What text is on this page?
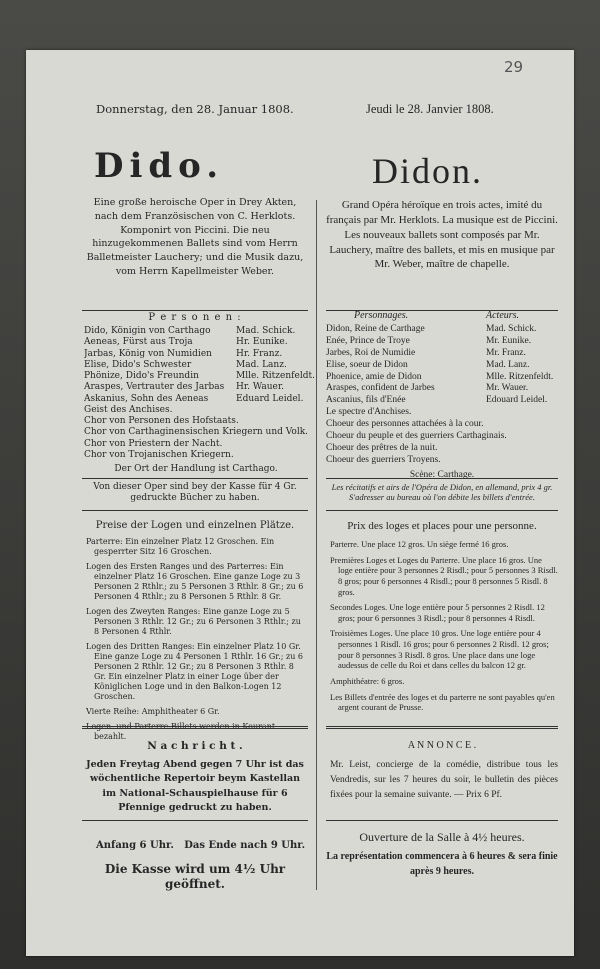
29
Donnerstag, den 28. Januar 1808.	Jeudi le 28. Janvier 1808.
Dido.	Didon.
Eine große heroische Oper in Drey Akten, nach dem Französischen von C. Herklots. Komponirt von Piccini. Die neu hinzugekommenen Ballets sind vom Herrn Balletmeister Lauchery; und die Musik dazu, vom Herrn Kapellmeister Weber.
Grand Opéra héroïque en trois actes, imité du français par Mr. Herklots. La musique est de Piccini. Les nouveaux ballets sont composés par Mr. Lauchery, maître des ballets, et mis en musique par Mr. Weber, maître de chapelle.
P e r s o n e n :
Dido, Königin von Carthago	Mad. Schick.
Aeneas, Fürst aus Troja	Hr. Eunike.
Jarbas, König von Numidien	Hr. Franz.
Elise, Dido's Schwester	Mad. Lanz.
Phönize, Dido's Freundin	Mlle. Ritzenfeldt.
Araspes, Vertrauter des Jarbas	Hr. Wauer.
Askanius, Sohn des Aeneas	Eduard Leidel.
Geist des Anchises.
Chor von Personen des Hofstaats.
Chor von Carthaginensischen Kriegern und Volk.
Chor von Priestern der Nacht.
Chor von Trojanischen Kriegern.
Der Ort der Handlung ist Carthago.
Personnages.	Acteurs.
Didon, Reine de Carthage	Mad. Schick.
Enée, Prince de Troye	Mr. Eunike.
Jarbes, Roi de Numidie	Mr. Franz.
Elise, soeur de Didon	Mad. Lanz.
Phoenice, amie de Didon	Mlle. Ritzenfeldt.
Araspes, confident de Jarbes	Mr. Wauer.
Ascanius, fils d'Enée	Edouard Leidel.
Le spectre d'Anchises.
Choeur des personnes attachées à la cour.
Choeur du peuple et des guerriers Carthaginais.
Choeur des prêtres de la nuit.
Choeur des guerriers Troyens.
Scène: Carthage.
Von dieser Oper sind bey der Kasse für 4 Gr. gedruckte Bücher zu haben.
Les récitatifs et airs de l'Opéra de Didon, en allemand, prix 4 gr. S'adresser au bureau où l'on débite les billets d'entrée.
Preise der Logen und einzelnen Plätze.

Parterre: Ein einzelner Platz 12 Groschen. Ein gesperrter Sitz 16 Groschen.

Logen des Ersten Ranges und des Parterres: Ein einzelner Platz 16 Groschen. Eine ganze Loge zu 3 Personen 2 Rthlr.; zu 5 Personen 3 Rthlr. 8 Gr.; zu 6 Personen 4 Rthlr.; zu 8 Personen 5 Rthlr. 8 Gr.

Logen des Zweyten Ranges: Eine ganze Loge zu 5 Personen 3 Rthlr. 12 Gr.; zu 6 Personen 3 Rthlr.; zu 8 Personen 4 Rthlr.

Logen des Dritten Ranges: Ein einzelner Platz 10 Gr. Eine ganze Loge zu 4 Personen 1 Rthlr. 16 Gr.; zu 6 Personen 2 Rthlr. 12 Gr.; zu 8 Personen 3 Rthlr. 8 Gr. Ein einzelner Platz in einer Loge über der Königlichen Loge und in den Balkon-Logen 12 Groschen.

Vierte Reihe: Amphitheater 6 Gr.

Logen- und Parterre-Billets werden in Kourant bezahlt.

Prix des loges et places pour une personne.

Parterre. Une place 12 gros. Un siège fermé 16 gros.

Premières Loges et Loges du Parterre. Une place 16 gros. Une loge entière pour 3 personnes 2 Risdl.; pour 5 personnes 3 Risdl. 8 gros; pour 6 personnes 4 Risdl.; pour 8 personnes 5 Risdl. 8 gros.

Secondes Loges. Une loge entière pour 5 personnes 2 Risdl. 12 gros; pour 6 personnes 3 Risdl.; pour 8 personnes 4 Risdl.

Troisièmes Loges. Une place 10 gros. Une loge entière pour 4 personnes 1 Risdl. 16 gros; pour 6 personnes 2 Risdl. 12 gros; pour 8 personnes 3 Risdl. 8 gros. Une place dans une loge audessus de celle du Roi et dans celles du balcon 12 gr.

Amphithéatre: 6 gros.

Les Billets d'entrée des loges et du parterre ne sont payables qu'en argent courant de Prusse.

N a c h r i c h t .
Jeden Freytag Abend gegen 7 Uhr ist das wöchentliche Repertoir beym Kastellan im National-Schauspielhause für 6 Pfennige gedruckt zu haben.
A N N O N C E .
Mr. Leist, concierge de la comédie, distribue tous les Vendredis, sur les 7 heures du soir, le bulletin des pièces fixées pour la semaine suivante. — Prix 6 Pf.
Anfang 6 Uhr.   Das Ende nach 9 Uhr.
Die Kasse wird um 4½ Uhr geöffnet.
Ouverture de la Salle à 4½ heures.
La représentation commencera à 6 heures & sera finie après 9 heures.
